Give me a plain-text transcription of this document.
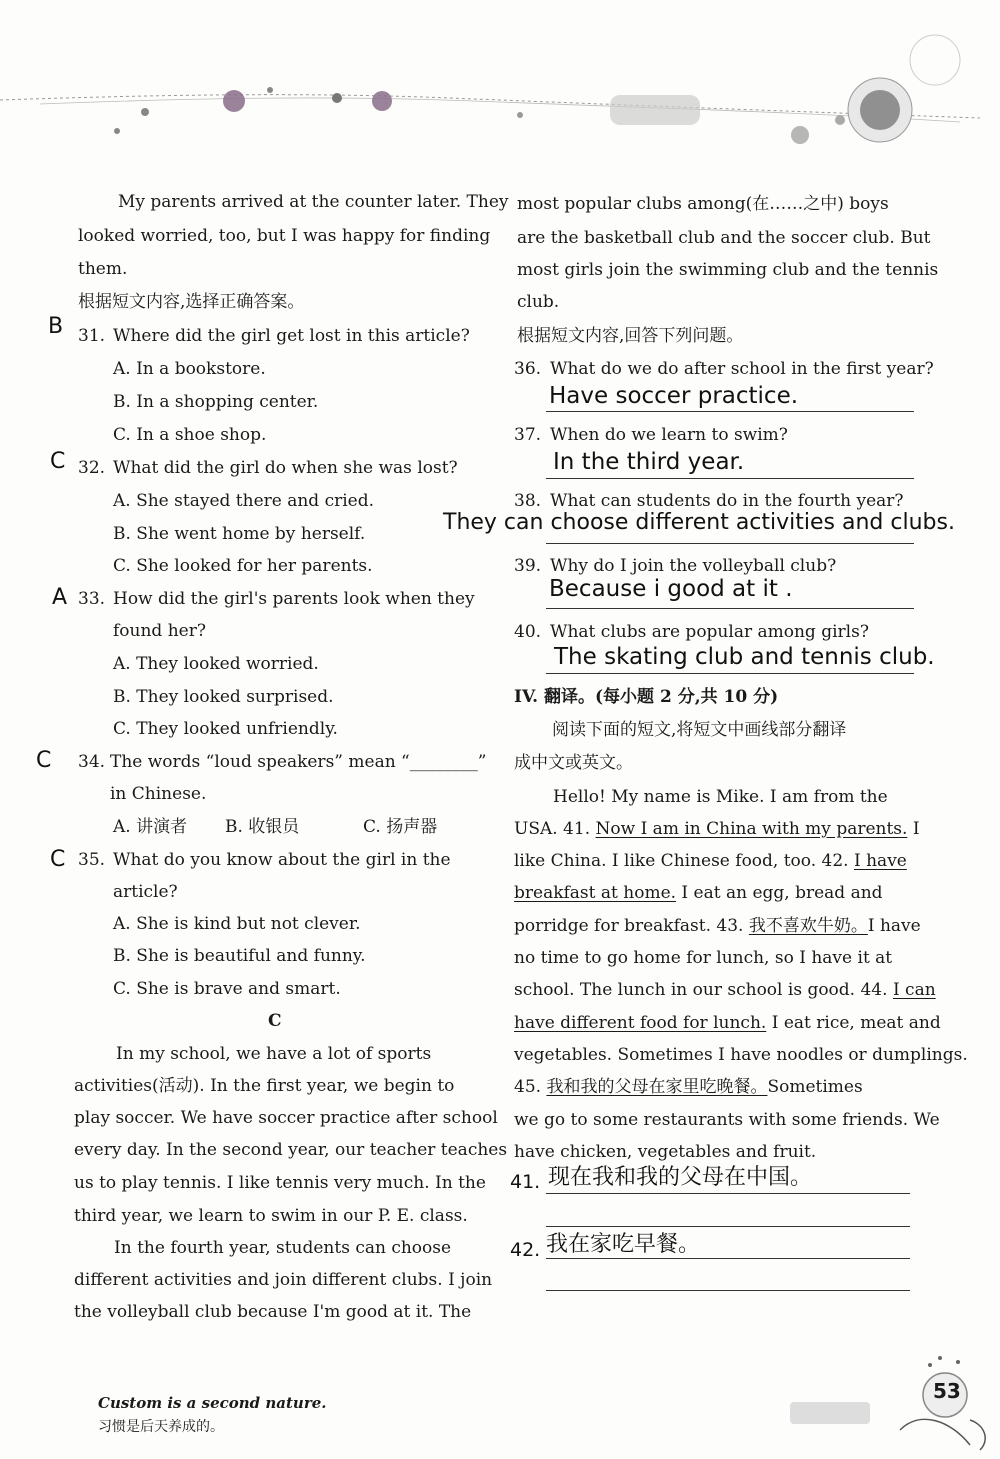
My parents arrived at the counter later. They
looked worried, too, but I was happy for finding
them.
根据短文内容,选择正确答案。
B 31. Where did the girl get lost in this article?
A. In a bookstore.
B. In a shopping center.
C. In a shoe shop.
C 32. What did the girl do when she was lost?
A. She stayed there and cried.
B. She went home by herself.
C. She looked for her parents.
A 33. How did the girl's parents look when they
found her?
A. They looked worried.
B. They looked surprised.
C. They looked unfriendly.
C 34. The words “loud speakers” mean “________”
in Chinese.
A. 讲演者 B. 收银员	C. 扬声器
C 35. What do you know about the girl in the
article?
A. She is kind but not clever.
B. She is beautiful and funny.
C. She is brave and smart.
C
In my school, we have a lot of sports
activities(活动). In the first year, we begin to
play soccer. We have soccer practice after school
every day. In the second year, our teacher teaches
us to play tennis. I like tennis very much. In the
third year, we learn to swim in our P. E. class.
In the fourth year, students can choose
different activities and join different clubs. I join
the volleyball club because I'm good at it. The
most popular clubs among(在……之中) boys
are the basketball club and the soccer club. But
most girls join the swimming club and the tennis
club.
根据短文内容,回答下列问题。
36. What do we do after school in the first year?
Have soccer practice.
37. When do we learn to swim?
In the third year.
38. What can students do in the fourth year?
They can choose different activities and clubs.
39. Why do I join the volleyball club?
Because i good at it .
40. What clubs are popular among girls?
The skating club and tennis club.
IV. 翻译。(每小题 2 分,共 10 分)
阅读下面的短文,将短文中画线部分翻译
成中文或英文。
Hello! My name is Mike. I am from the
USA. 41. Now I am in China with my parents. I
like China. I like Chinese food, too. 42. I have
breakfast at home. I eat an egg, bread and
porridge for breakfast. 43. 我不喜欢牛奶。I have
no time to go home for lunch, so I have it at
school. The lunch in our school is good. 44. I can
have different food for lunch. I eat rice, meat and
vegetables. Sometimes I have noodles or dumplings.
45. 我和我的父母在家里吃晚餐。Sometimes
we go to some restaurants with some friends. We
have chicken, vegetables and fruit.
41. 现在我和我的父母在中国。
42. 我在家吃早餐。
Custom is a second nature.
习惯是后天养成的。
53
